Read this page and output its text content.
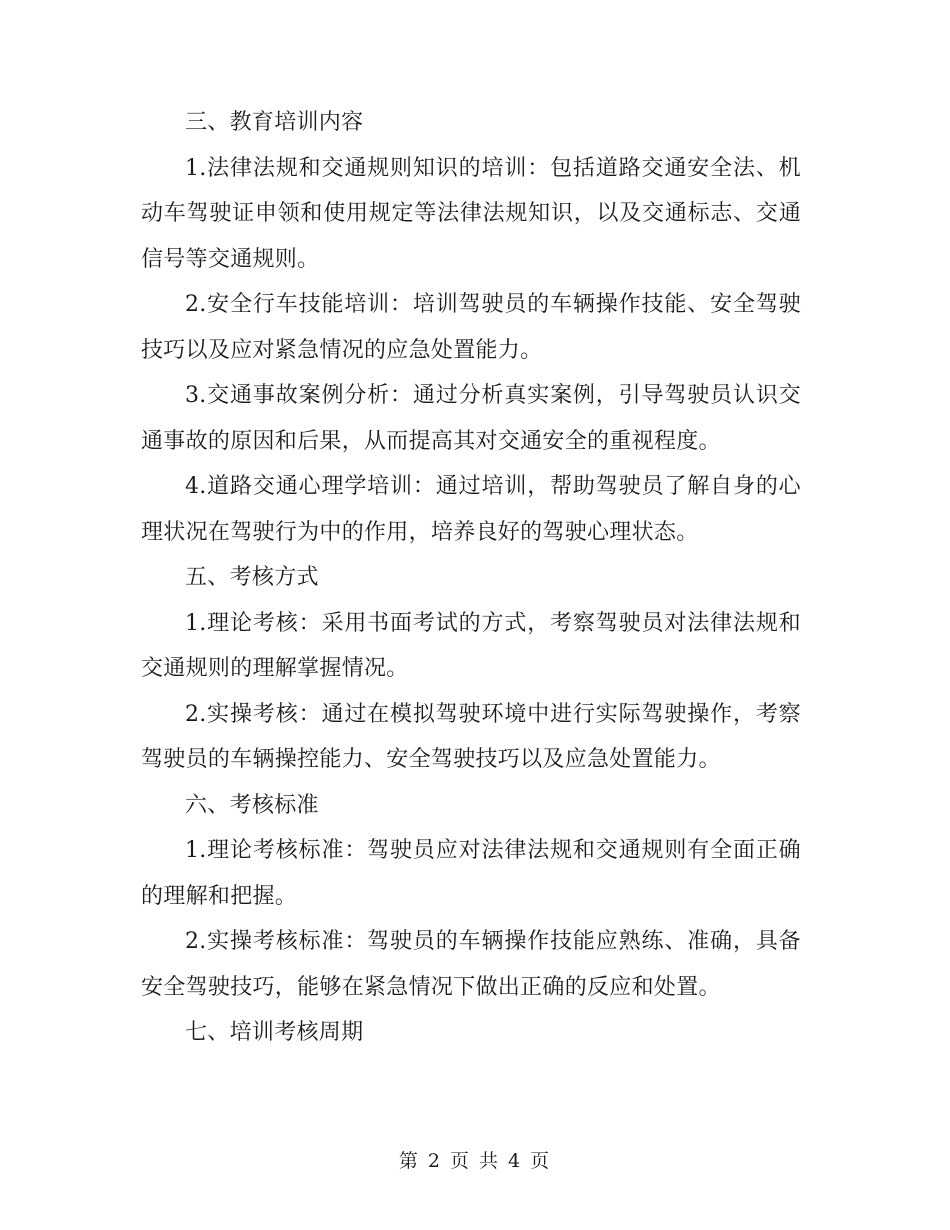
三、教育培训内容

1.法律法规和交通规则知识的培训：包括道路交通安全法、机动车驾驶证申领和使用规定等法律法规知识，以及交通标志、交通信号等交通规则。

2.安全行车技能培训：培训驾驶员的车辆操作技能、安全驾驶技巧以及应对紧急情况的应急处置能力。

3.交通事故案例分析：通过分析真实案例，引导驾驶员认识交通事故的原因和后果，从而提高其对交通安全的重视程度。

4.道路交通心理学培训：通过培训，帮助驾驶员了解自身的心理状况在驾驶行为中的作用，培养良好的驾驶心理状态。

五、考核方式

1.理论考核：采用书面考试的方式，考察驾驶员对法律法规和交通规则的理解掌握情况。

2.实操考核：通过在模拟驾驶环境中进行实际驾驶操作，考察驾驶员的车辆操控能力、安全驾驶技巧以及应急处置能力。

六、考核标准

1.理论考核标准：驾驶员应对法律法规和交通规则有全面正确的理解和把握。

2.实操考核标准：驾驶员的车辆操作技能应熟练、准确，具备安全驾驶技巧，能够在紧急情况下做出正确的反应和处置。

七、培训考核周期

第 2 页 共 4 页
